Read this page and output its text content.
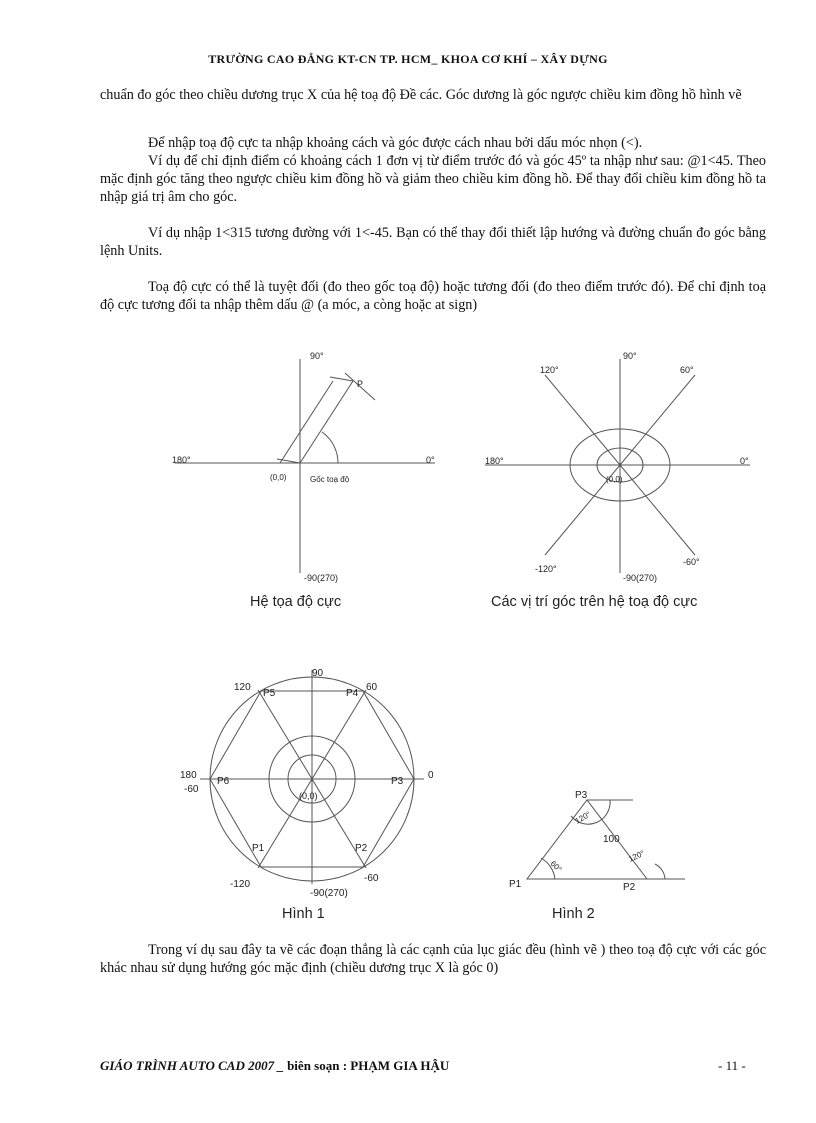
TRƯỜNG CAO ĐẲNG KT-CN TP. HCM_ KHOA CƠ KHÍ – XÂY DỰNG
chuẩn đo góc theo chiều dương trục X của hệ toạ độ Đề các. Góc dương là góc ngược chiều kim đồng hồ hình vẽ
Để nhập toạ độ cực ta nhập khoảng cách và góc được cách nhau bởi dấu móc nhọn (<).
Ví dụ để chỉ định điểm có khoảng cách 1 đơn vị từ điểm trước đó và góc 45º ta nhập như sau: @1<45. Theo mặc định góc tăng theo ngược chiều kim đồng hồ và giảm theo chiều kim đồng hồ. Để thay đổi chiều kim đồng hồ ta nhập giá trị âm cho góc.
Ví dụ nhập 1<315 tương đường với 1<-45. Bạn có thể thay đổi thiết lập hướng và đường chuẩn đo góc bằng lệnh Units.
Toạ độ cực có thể là tuyệt đối (đo theo gốc toạ độ) hoặc tương đối (đo theo điểm trước đó). Để chỉ định toạ độ cực tương đối ta nhập thêm dấu @ (a móc, a còng hoặc at sign)
90°
180°	0°
-90(270)
(0,0)	Gốc toạ độ
P
Hệ tọa độ cực
90°
120°	60°
180°	0°
(0,0)
-120°
-60°
-90(270)
Các vị trí góc trên hệ toạ độ cực
90
120
P5	P4
60
180
-60
P6
(0,0)
P3
0
P1	P2
-120
-60
-90(270)
Hình 1
P3
120°
100
60°
120°
P1	P2
Hình 2
Trong ví dụ sau đây ta vẽ các đoạn thẳng là các cạnh của lục giác đều (hình vẽ ) theo toạ độ cực với các góc khác nhau sử dụng hướng góc mặc định (chiều dương trục X là góc 0)
GIÁO TRÌNH AUTO CAD 2007 _ biên soạn : PHẠM GIA HẬU	- 11 -
